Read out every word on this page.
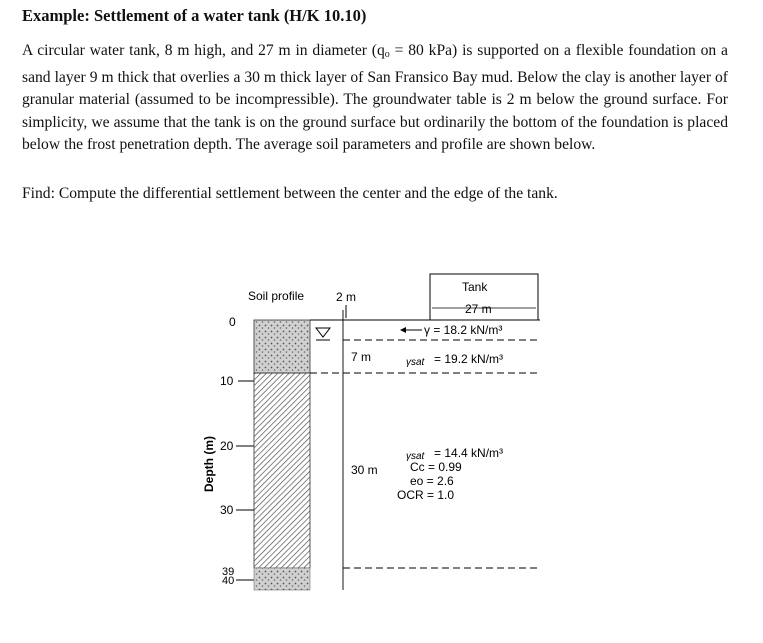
Example: Settlement of a water tank (H/K 10.10)

A circular water tank, 8 m high, and 27 m in diameter ($q_o = 80$ kPa) is supported on a flexible foundation on a sand layer 9 m thick that overlies a 30 m thick layer of San Fransico Bay mud. Below the clay is another layer of granular material (assumed to be incompressible). The groundwater table is 2 m below the ground surface. For simplicity, we assume that the tank is on the ground surface but ordinarily the bottom of the foundation is placed below the frost penetration depth. The average soil parameters and profile are shown below.

Find: Compute the differential settlement between the center and the edge of the tank.
Depth (m)
0
10
20
30
39
40
Soil profile	2 m
7 m
30 m
Tank
27 m
γ = 18.2 kN/m³
γsat = 19.2 kN/m³
γsat = 14.4 kN/m³
Cc = 0.99
eo = 2.6
OCR = 1.0
